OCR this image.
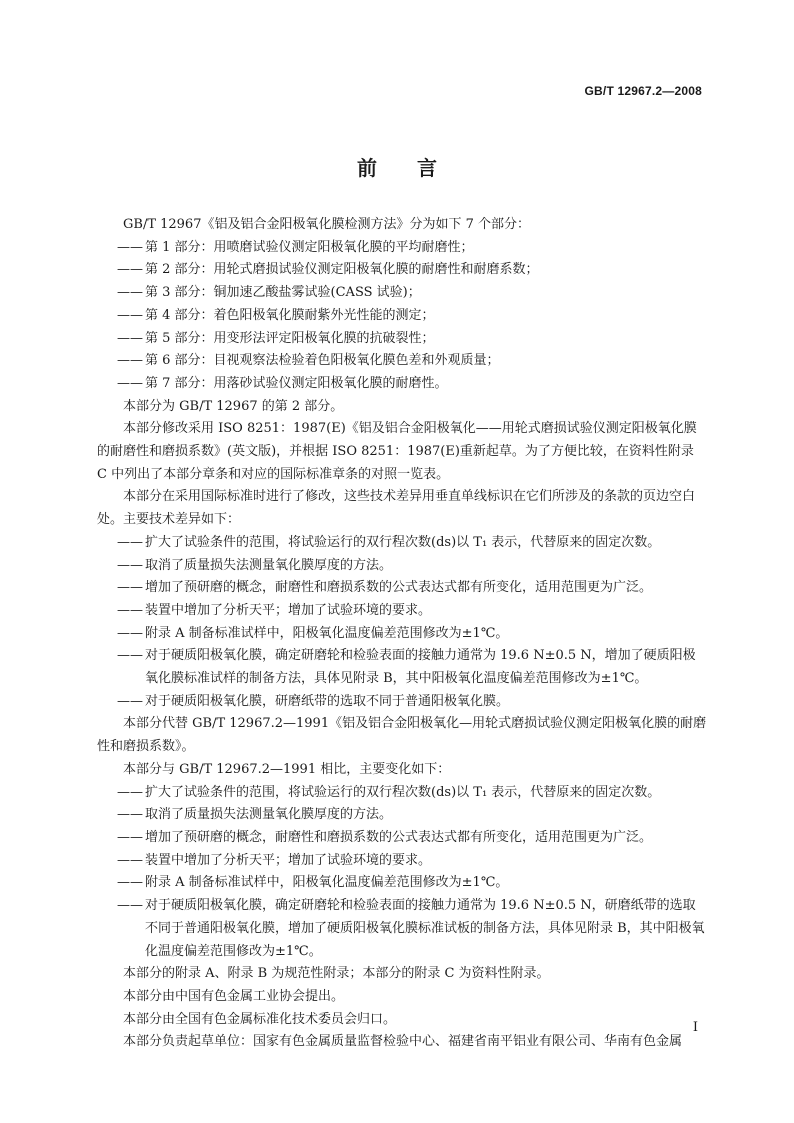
GB/T 12967.2—2008
前言

GB/T 12967《铝及铝合金阳极氧化膜检测方法》分为如下 7 个部分：

—— 第 1 部分：用喷磨试验仪测定阳极氧化膜的平均耐磨性；

—— 第 2 部分：用轮式磨损试验仪测定阳极氧化膜的耐磨性和耐磨系数；

—— 第 3 部分：铜加速乙酸盐雾试验(CASS 试验)；

—— 第 4 部分：着色阳极氧化膜耐紫外光性能的测定；

—— 第 5 部分：用变形法评定阳极氧化膜的抗破裂性；

—— 第 6 部分：目视观察法检验着色阳极氧化膜色差和外观质量；

—— 第 7 部分：用落砂试验仪测定阳极氧化膜的耐磨性。

本部分为 GB/T 12967 的第 2 部分。

本部分修改采用 ISO 8251：1987(E)《铝及铝合金阳极氧化——用轮式磨损试验仪测定阳极氧化膜的耐磨性和磨损系数》(英文版)，并根据 ISO 8251：1987(E)重新起草。为了方便比较，在资料性附录 C 中列出了本部分章条和对应的国际标准章条的对照一览表。

本部分在采用国际标准时进行了修改，这些技术差异用垂直单线标识在它们所涉及的条款的页边空白处。主要技术差异如下：

—— 扩大了试验条件的范围，将试验运行的双行程次数(ds)以 T₁ 表示，代替原来的固定次数。

—— 取消了质量损失法测量氧化膜厚度的方法。

—— 增加了预研磨的概念，耐磨性和磨损系数的公式表达式都有所变化，适用范围更为广泛。

—— 装置中增加了分析天平；增加了试验环境的要求。

—— 附录 A 制备标准试样中，阳极氧化温度偏差范围修改为±1℃。

—— 对于硬质阳极氧化膜，确定研磨轮和检验表面的接触力通常为 19.6 N±0.5 N，增加了硬质阳极氧化膜标准试样的制备方法，具体见附录 B，其中阳极氧化温度偏差范围修改为±1℃。

—— 对于硬质阳极氧化膜，研磨纸带的选取不同于普通阳极氧化膜。

本部分代替 GB/T 12967.2—1991《铝及铝合金阳极氧化—用轮式磨损试验仪测定阳极氧化膜的耐磨性和磨损系数》。

本部分与 GB/T 12967.2—1991 相比，主要变化如下：

—— 扩大了试验条件的范围，将试验运行的双行程次数(ds)以 T₁ 表示，代替原来的固定次数。

—— 取消了质量损失法测量氧化膜厚度的方法。

—— 增加了预研磨的概念，耐磨性和磨损系数的公式表达式都有所变化，适用范围更为广泛。

—— 装置中增加了分析天平；增加了试验环境的要求。

—— 附录 A 制备标准试样中，阳极氧化温度偏差范围修改为±1℃。

—— 对于硬质阳极氧化膜，确定研磨轮和检验表面的接触力通常为 19.6 N±0.5 N，研磨纸带的选取不同于普通阳极氧化膜，增加了硬质阳极氧化膜标准试板的制备方法，具体见附录 B，其中阳极氧化温度偏差范围修改为±1℃。

本部分的附录 A、附录 B 为规范性附录；本部分的附录 C 为资料性附录。

本部分由中国有色金属工业协会提出。

本部分由全国有色金属标准化技术委员会归口。

本部分负责起草单位：国家有色金属质量监督检验中心、福建省南平铝业有限公司、华南有色金属

I
